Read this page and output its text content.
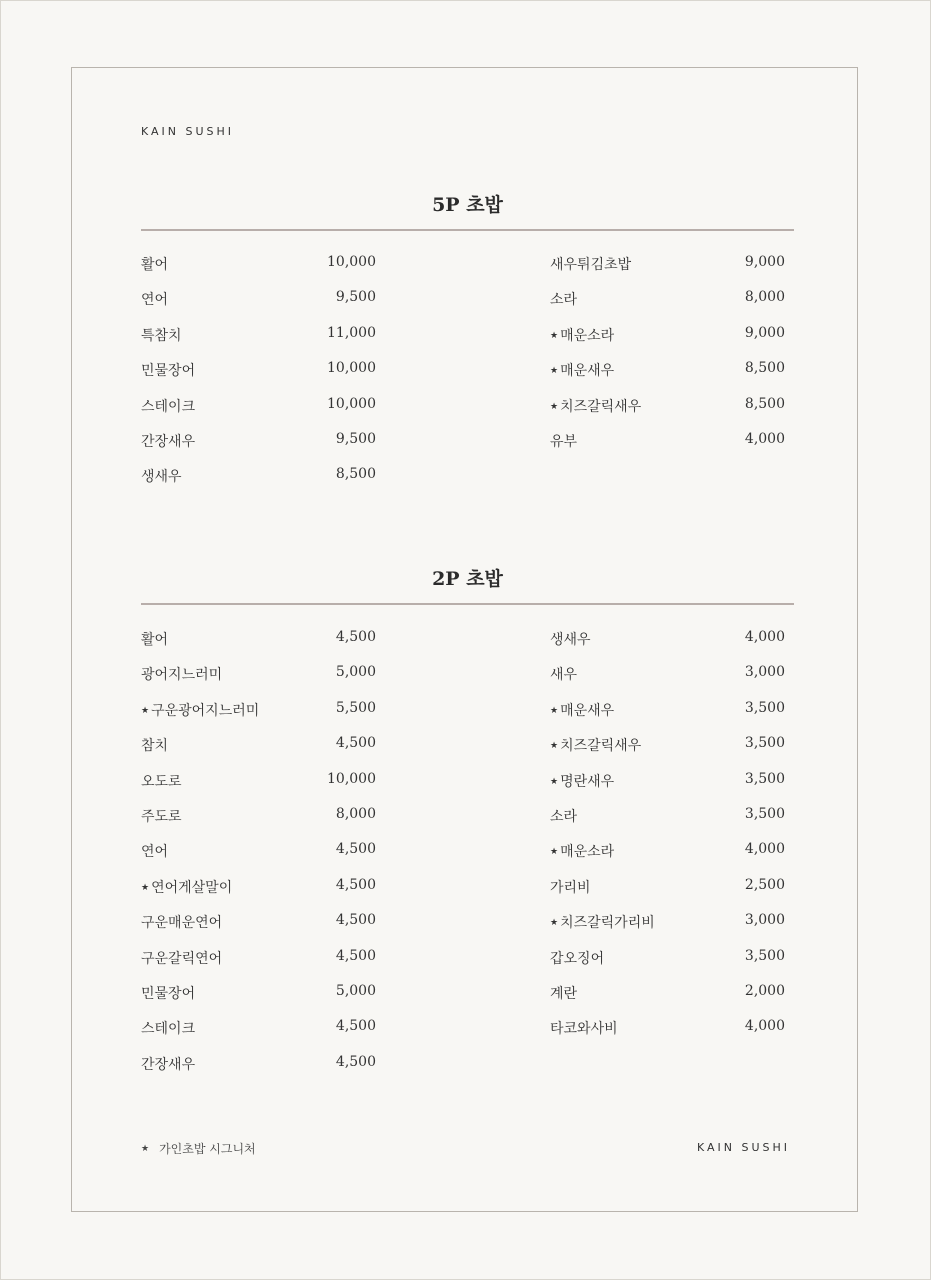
KAIN SUSHI
5P 초밥
활어	10,000
연어	9,500
특참치	11,000
민물장어	10,000
스테이크	10,000
간장새우	9,500
생새우	8,500
새우튀김초밥	9,000
소라	8,000
★ 매운소라	9,000
★ 매운새우	8,500
★ 치즈갈릭새우	8,500
유부	4,000
2P 초밥
활어	4,500
광어지느러미	5,000
★ 구운광어지느러미	5,500
참치	4,500
오도로	10,000
주도로	8,000
연어	4,500
★ 연어게살말이	4,500
구운매운연어	4,500
구운갈릭연어	4,500
민물장어	5,000
스테이크	4,500
간장새우	4,500
생새우	4,000
새우	3,000
★ 매운새우	3,500
★ 치즈갈릭새우	3,500
★ 명란새우	3,500
소라	3,500
★ 매운소라	4,000
가리비	2,500
★ 치즈갈릭가리비	3,000
갑오징어	3,500
계란	2,000
타코와사비	4,000
★ 가인초밥 시그니처	KAIN SUSHI
